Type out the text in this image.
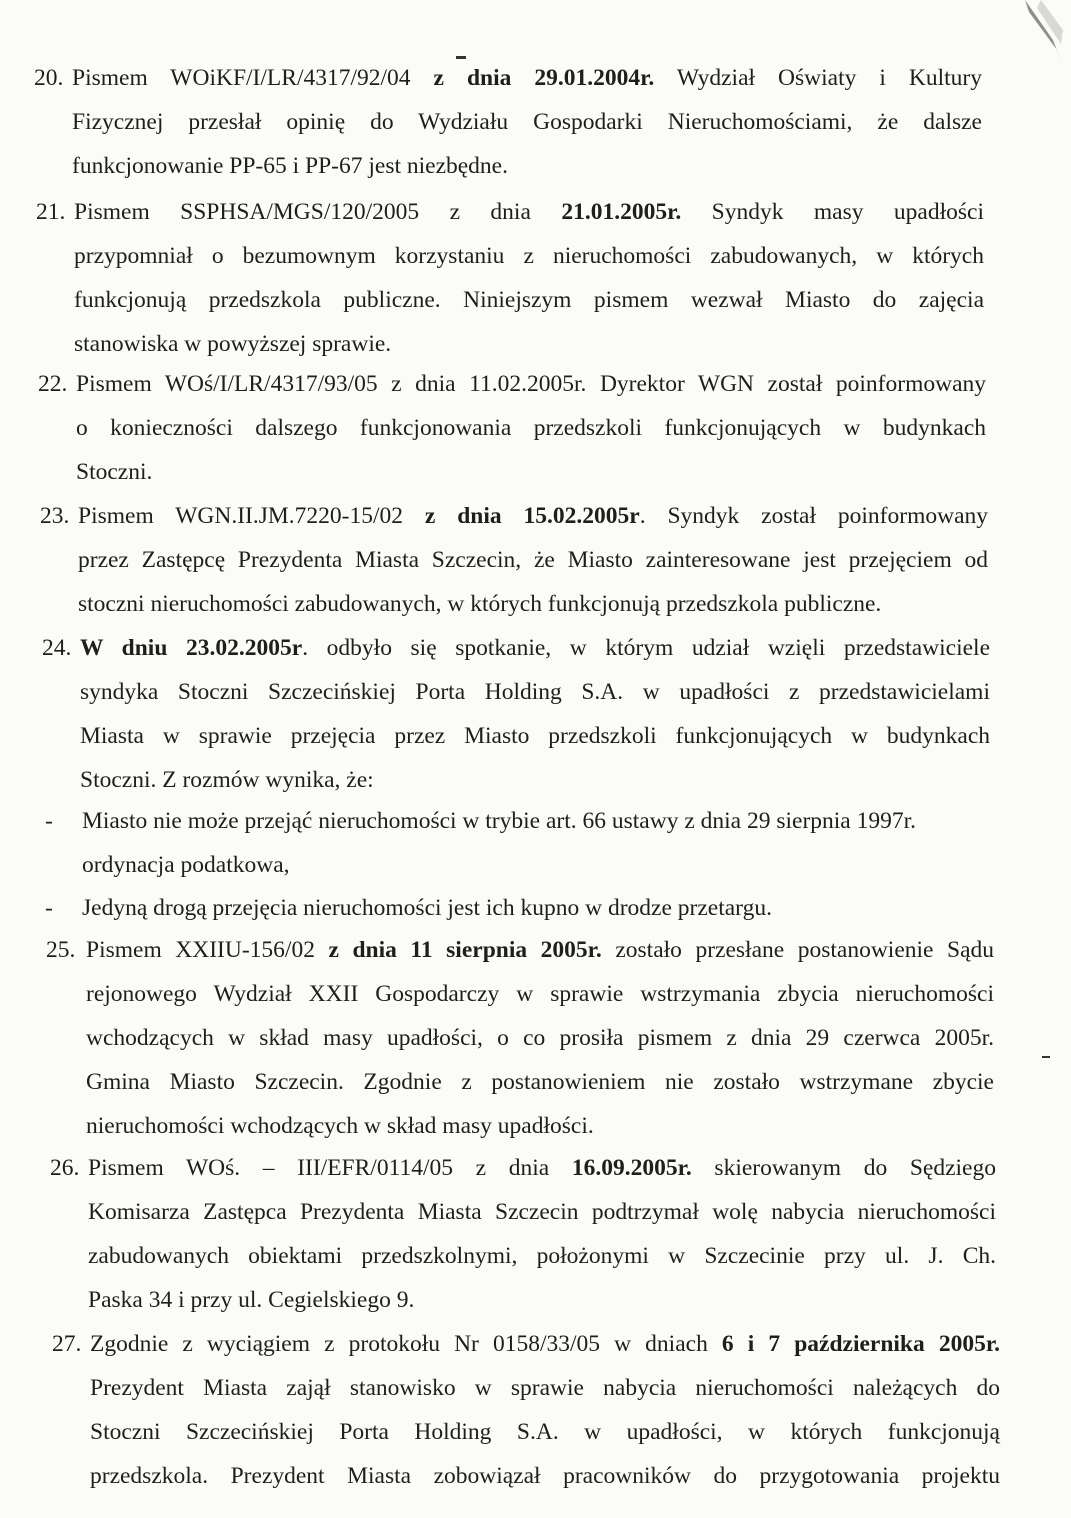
20. Pismem WOiKF/I/LR/4317/92/04 z dnia 29.01.2004r. Wydział Oświaty i Kultury
Fizycznej przesłał opinię do Wydziału Gospodarki Nieruchomościami, że dalsze
funkcjonowanie PP-65 i PP-67 jest niezbędne.
21. Pismem SSPHSA/MGS/120/2005 z dnia 21.01.2005r. Syndyk masy upadłości
przypomniał o bezumownym korzystaniu z nieruchomości zabudowanych, w których
funkcjonują przedszkola publiczne. Niniejszym pismem wezwał Miasto do zajęcia
stanowiska w powyższej sprawie.
22. Pismem WOś/I/LR/4317/93/05 z dnia 11.02.2005r. Dyrektor WGN został poinformowany
o konieczności dalszego funkcjonowania przedszkoli funkcjonujących w budynkach
Stoczni.
23. Pismem WGN.II.JM.7220-15/02 z dnia 15.02.2005r. Syndyk został poinformowany
przez Zastępcę Prezydenta Miasta Szczecin, że Miasto zainteresowane jest przejęciem od
stoczni nieruchomości zabudowanych, w których funkcjonują przedszkola publiczne.
24. W dniu 23.02.2005r. odbyło się spotkanie, w którym udział wzięli przedstawiciele
syndyka Stoczni Szczecińskiej Porta Holding S.A. w upadłości z przedstawicielami
Miasta w sprawie przejęcia przez Miasto przedszkoli funkcjonujących w budynkach
Stoczni. Z rozmów wynika, że:
25. Pismem XXIIU-156/02 z dnia 11 sierpnia 2005r. zostało przesłane postanowienie Sądu
rejonowego Wydział XXII Gospodarczy w sprawie wstrzymania zbycia nieruchomości
wchodzących w skład masy upadłości, o co prosiła pismem z dnia 29 czerwca 2005r.
Gmina Miasto Szczecin. Zgodnie z postanowieniem nie zostało wstrzymane zbycie
nieruchomości wchodzących w skład masy upadłości.
26. Pismem WOś. – III/EFR/0114/05 z dnia 16.09.2005r. skierowanym do Sędziego
Komisarza Zastępca Prezydenta Miasta Szczecin podtrzymał wolę nabycia nieruchomości
zabudowanych obiektami przedszkolnymi, położonymi w Szczecinie przy ul. J. Ch.
Paska 34 i przy ul. Cegielskiego 9.
27. Zgodnie z wyciągiem z protokołu Nr 0158/33/05 w dniach 6 i 7 października 2005r.
Prezydent Miasta zajął stanowisko w sprawie nabycia nieruchomości należących do
Stoczni Szczecińskiej Porta Holding S.A. w upadłości, w których funkcjonują
przedszkola. Prezydent Miasta zobowiązał pracowników do przygotowania projektu
- Miasto nie może przejąć nieruchomości w trybie art. 66 ustawy z dnia 29 sierpnia 1997r.
ordynacja podatkowa,
- Jedyną drogą przejęcia nieruchomości jest ich kupno w drodze przetargu.
